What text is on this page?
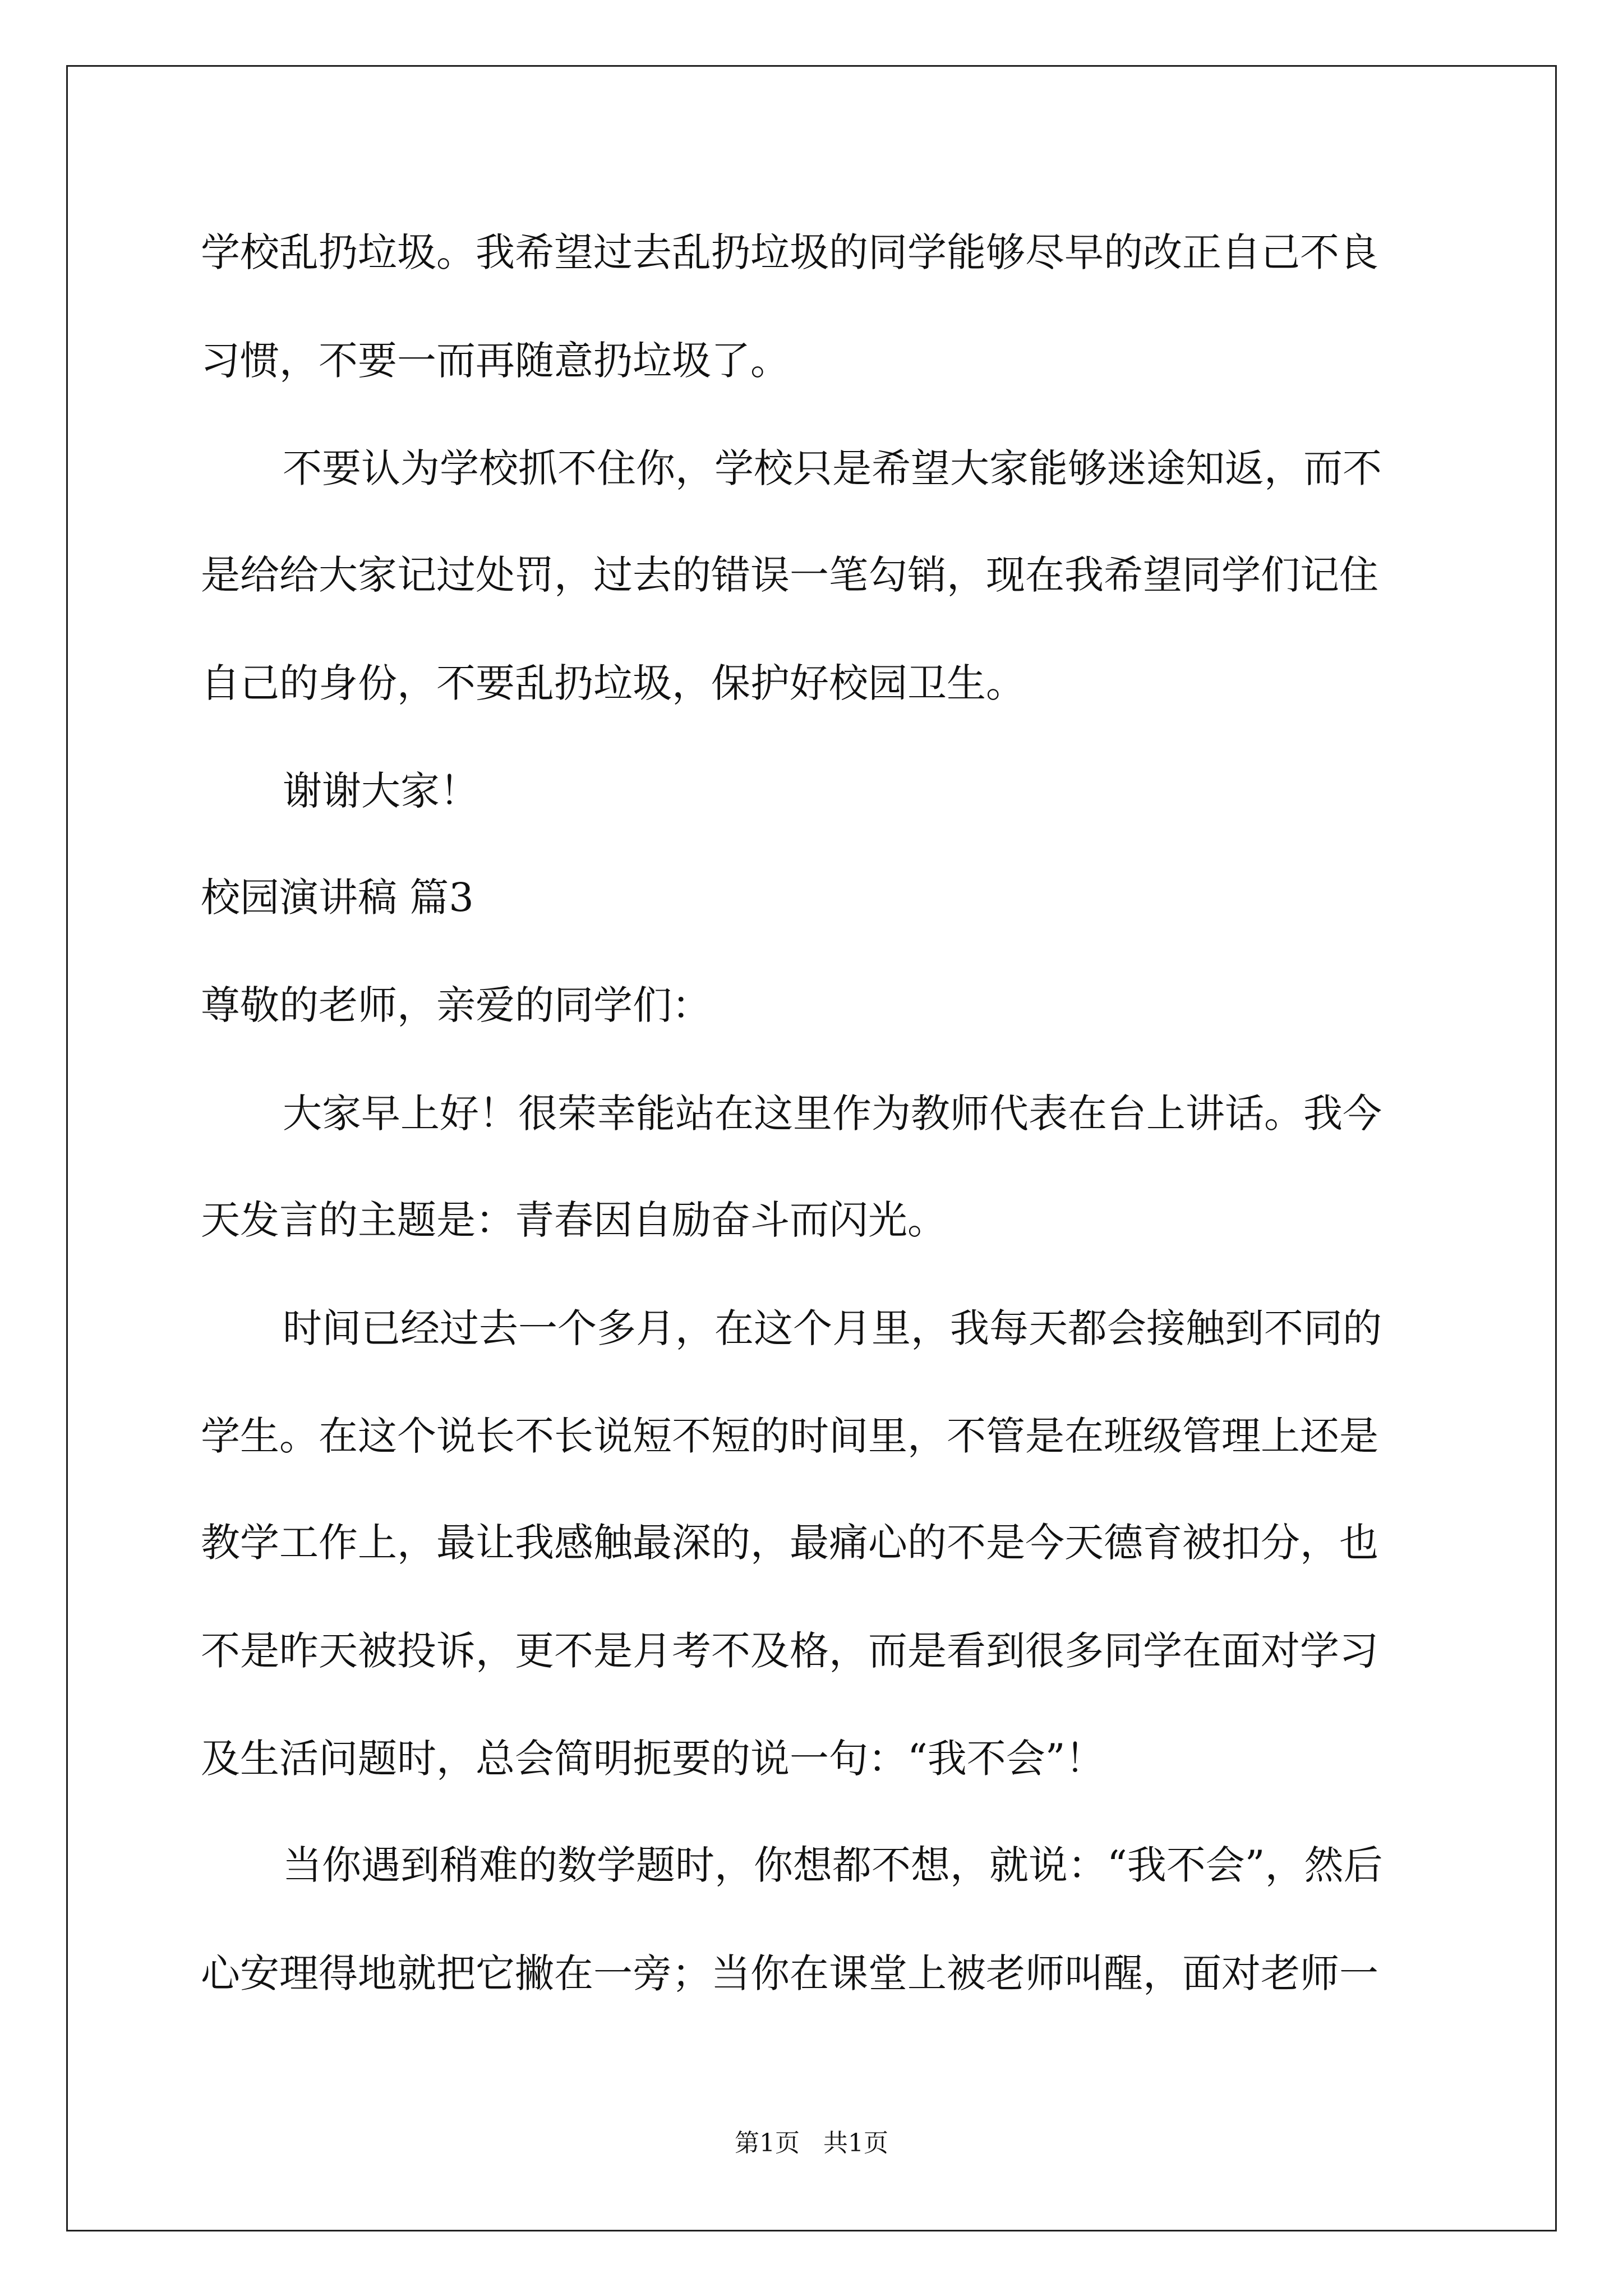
学校乱扔垃圾。我希望过去乱扔垃圾的同学能够尽早的改正自己不良
习惯，不要一而再随意扔垃圾了。
不要认为学校抓不住你，学校只是希望大家能够迷途知返，而不
是给给大家记过处罚，过去的错误一笔勾销，现在我希望同学们记住
自己的身份，不要乱扔垃圾，保护好校园卫生。
谢谢大家！
校园演讲稿 篇3
尊敬的老师，亲爱的同学们：
大家早上好！很荣幸能站在这里作为教师代表在台上讲话。我今
天发言的主题是：青春因自励奋斗而闪光。
时间已经过去一个多月，在这个月里，我每天都会接触到不同的
学生。在这个说长不长说短不短的时间里，不管是在班级管理上还是
教学工作上，最让我感触最深的，最痛心的不是今天德育被扣分，也
不是昨天被投诉，更不是月考不及格，而是看到很多同学在面对学习
及生活问题时，总会简明扼要的说一句：“我不会”！
当你遇到稍难的数学题时，你想都不想，就说：“我不会”，然后
心安理得地就把它撇在一旁；当你在课堂上被老师叫醒，面对老师一
第1页   共1页
